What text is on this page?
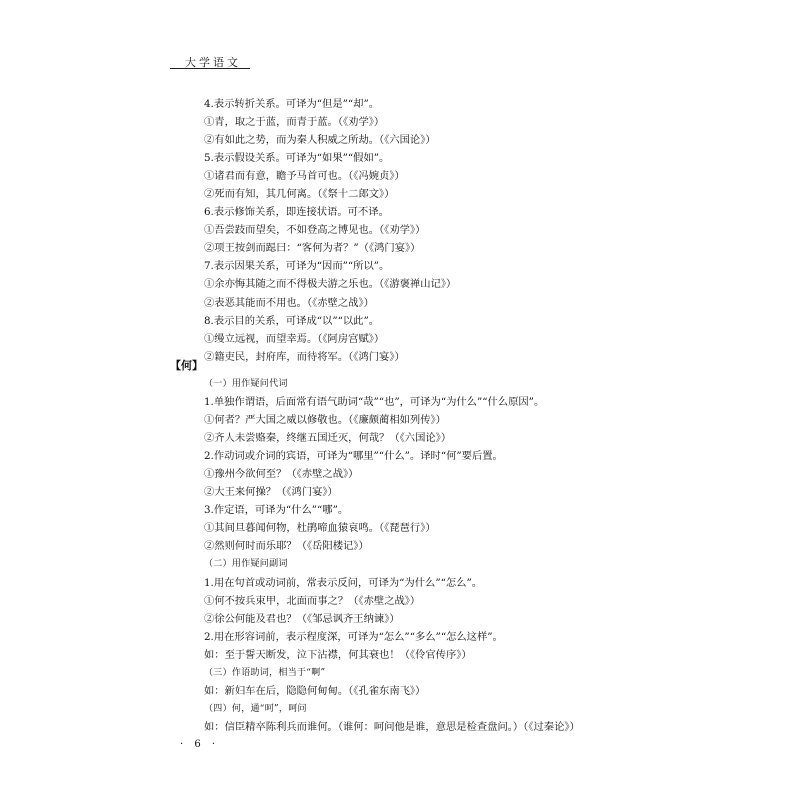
大学语文
4.表示转折关系。可译为“但是”“却”。
①青，取之于蓝，而青于蓝。（《劝学》）
②有如此之势，而为秦人积威之所劫。（《六国论》）
5.表示假设关系。可译为“如果”“假如”。
①诸君而有意，瞻予马首可也。（《冯婉贞》）
②死而有知，其几何离。（《祭十二郎文》）
6.表示修饰关系，即连接状语。可不译。
①吾尝跂而望矣，不如登高之博见也。（《劝学》）
②项王按剑而跽曰：“客何为者？”（《鸿门宴》）
7.表示因果关系，可译为“因而”“所以”。
①余亦悔其随之而不得极夫游之乐也。（《游褒禅山记》）
②表恶其能而不用也。（《赤壁之战》）
8.表示目的关系，可译成“以”“以此”。
①缦立远视，而望幸焉。（《阿房宫赋》）
②籍吏民，封府库，而待将军。（《鸿门宴》）
【何】
（一）用作疑问代词
1.单独作谓语，后面常有语气助词“哉”“也”，可译为“为什么”“什么原因”。
①何者？严大国之威以修敬也。（《廉颇蔺相如列传》）
②齐人未尝赂秦，终继五国迁灭，何哉？（《六国论》）
2.作动词或介词的宾语，可译为“哪里”“什么”。译时“何”要后置。
①豫州今欲何至？（《赤壁之战》）
②大王来何操？（《鸿门宴》）
3.作定语，可译为“什么”“哪”。
①其间旦暮闻何物，杜鹃啼血猿哀鸣。（《琵琶行》）
②然则何时而乐耶？（《岳阳楼记》）
（二）用作疑问副词
1.用在句首或动词前，常表示反问，可译为“为什么”“怎么”。
①何不按兵束甲，北面而事之？（《赤壁之战》）
②徐公何能及君也？（《邹忌讽齐王纳谏》）
2.用在形容词前，表示程度深，可译为“怎么”“多么”“怎么这样”。
如：至于誓天断发，泣下沾襟，何其衰也！（《伶官传序》）
（三）作语助词，相当于“啊”
如：新妇车在后，隐隐何甸甸。（《孔雀东南飞》）
（四）何，通“呵”，呵问
如：信臣精卒陈利兵而谁何。（谁何：呵问他是谁，意思是检查盘问。）（《过秦论》）
· 6 ·
